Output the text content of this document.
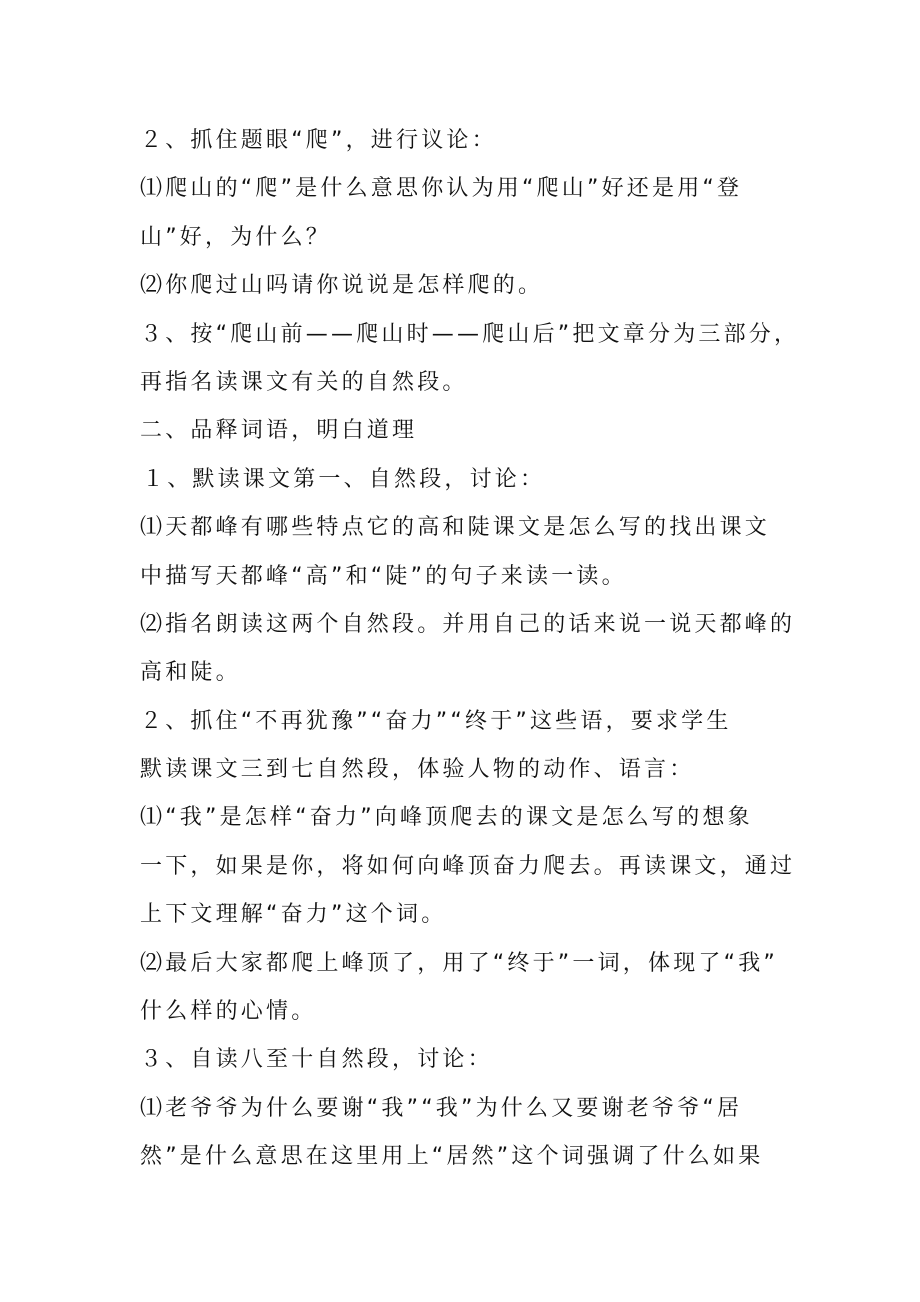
２、抓住题眼“爬”，进行议论：
⑴爬山的“爬”是什么意思你认为用“爬山”好还是用“登
山”好，为什么？
⑵你爬过山吗请你说说是怎样爬的。
３、按“爬山前——爬山时——爬山后”把文章分为三部分，
再指名读课文有关的自然段。
二、品释词语，明白道理
１、默读课文第一、自然段，讨论：
⑴天都峰有哪些特点它的高和陡课文是怎么写的找出课文
中描写天都峰“高”和“陡”的句子来读一读。
⑵指名朗读这两个自然段。并用自己的话来说一说天都峰的
高和陡。
２、抓住“不再犹豫”“奋力”“终于”这些语，要求学生
默读课文三到七自然段，体验人物的动作、语言：
⑴“我”是怎样“奋力”向峰顶爬去的课文是怎么写的想象
一下，如果是你，将如何向峰顶奋力爬去。再读课文，通过
上下文理解“奋力”这个词。
⑵最后大家都爬上峰顶了，用了“终于”一词，体现了“我”
什么样的心情。
３、自读八至十自然段，讨论：
⑴老爷爷为什么要谢“我”“我”为什么又要谢老爷爷“居
然”是什么意思在这里用上“居然”这个词强调了什么如果
